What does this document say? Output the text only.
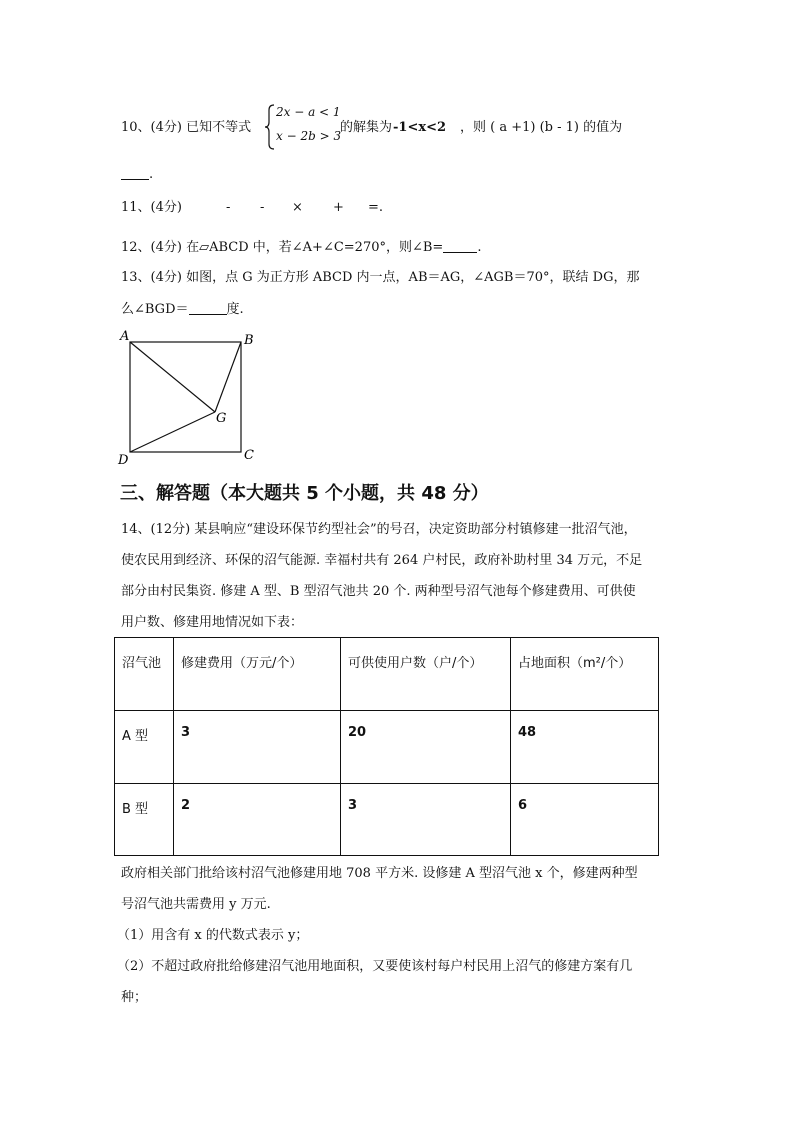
10、(4分) 已知不等式
2x − a < 1
x − 2b > 3
的解集为 -1<x<2 ，则 ( a +1) (b - 1) 的值为
.
11、(4分)	- - × + =.
12、(4分) 在▱ABCD 中，若∠A+∠C=270°，则∠B=	.
13、(4分) 如图，点 G 为正方形 ABCD 内一点，AB＝AG，∠AGB＝70°，联结 DG，那
么∠BGD＝	度.
A	B
C
D
G
三、解答题（本大题共 5 个小题，共 48 分）
14、(12分) 某县响应“建设环保节约型社会”的号召，决定资助部分村镇修建一批沼气池，
使农民用到经济、环保的沼气能源. 幸福村共有 264 户村民，政府补助村里 34 万元，不足
部分由村民集资. 修建 A 型、B 型沼气池共 20 个. 两种型号沼气池每个修建费用、可供使
用户数、修建用地情况如下表：
沼气池	修建费用（万元/个）	可供使用户数（户/个）	占地面积（m²/个）
A 型	3	20	48
B 型	2	3	6
政府相关部门批给该村沼气池修建用地 708 平方米. 设修建 A 型沼气池 x 个，修建两种型
号沼气池共需费用 y 万元.
（1）用含有 x 的代数式表示 y；
（2）不超过政府批给修建沼气池用地面积，又要使该村每户村民用上沼气的修建方案有几
种；
